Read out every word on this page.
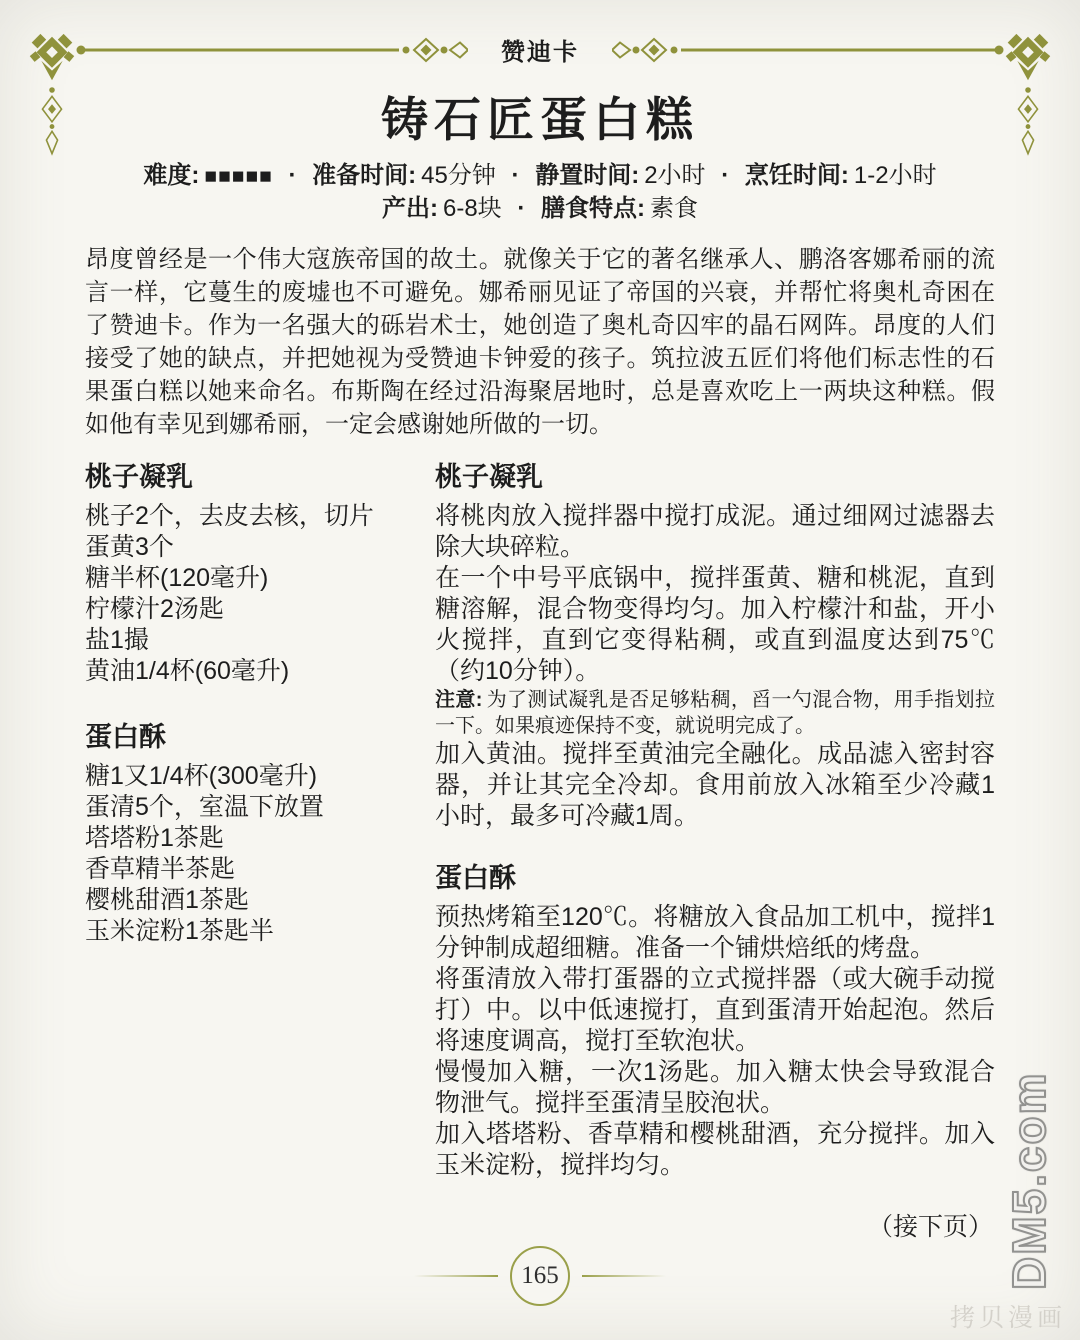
赞迪卡
铸石匠蛋白糕
难度: ■■■■■ · 准备时间: 45分钟 · 静置时间: 2小时 · 烹饪时间: 1-2小时
产出: 6-8块 · 膳食特点: 素食

昂度曾经是一个伟大寇族帝国的故土。就像关于它的著名继承人、鹏洛客娜希丽的流言一样，它蔓生的废墟也不可避免。娜希丽见证了帝国的兴衰，并帮忙将奥札奇困在了赞迪卡。作为一名强大的砾岩术士，她创造了奥札奇囚牢的晶石网阵。昂度的人们接受了她的缺点，并把她视为受赞迪卡钟爱的孩子。筑拉波五匠们将他们标志性的石果蛋白糕以她来命名。布斯陶在经过沿海聚居地时，总是喜欢吃上一两块这种糕。假如他有幸见到娜希丽，一定会感谢她所做的一切。

桃子凝乳
桃子2个，去皮去核，切片
蛋黄3个
糖半杯(120毫升)
柠檬汁2汤匙
盐1撮
黄油1/4杯(60毫升)
蛋白酥
糖1又1/4杯(300毫升)
蛋清5个，室温下放置
塔塔粉1茶匙
香草精半茶匙
樱桃甜酒1茶匙
玉米淀粉1茶匙半
桃子凝乳

将桃肉放入搅拌器中搅打成泥。通过细网过滤器去除大块碎粒。

在一个中号平底锅中，搅拌蛋黄、糖和桃泥，直到糖溶解，混合物变得均匀。加入柠檬汁和盐，开小火搅拌，直到它变得粘稠，或直到温度达到75℃（约10分钟）。

注意: 为了测试凝乳是否足够粘稠，舀一勺混合物，用手指划拉一下。如果痕迹保持不变，就说明完成了。

加入黄油。搅拌至黄油完全融化。成品滤入密封容器，并让其完全冷却。食用前放入冰箱至少冷藏1小时，最多可冷藏1周。

蛋白酥

预热烤箱至120℃。将糖放入食品加工机中，搅拌1分钟制成超细糖。准备一个铺烘焙纸的烤盘。

将蛋清放入带打蛋器的立式搅拌器（或大碗手动搅打）中。以中低速搅打，直到蛋清开始起泡。然后将速度调高，搅打至软泡状。

慢慢加入糖，一次1汤匙。加入糖太快会导致混合物泄气。搅拌至蛋清呈胶泡状。

加入塔塔粉、香草精和樱桃甜酒，充分搅拌。加入玉米淀粉，搅拌均匀。

（接下页）
165
拷贝漫画
DM5.com
